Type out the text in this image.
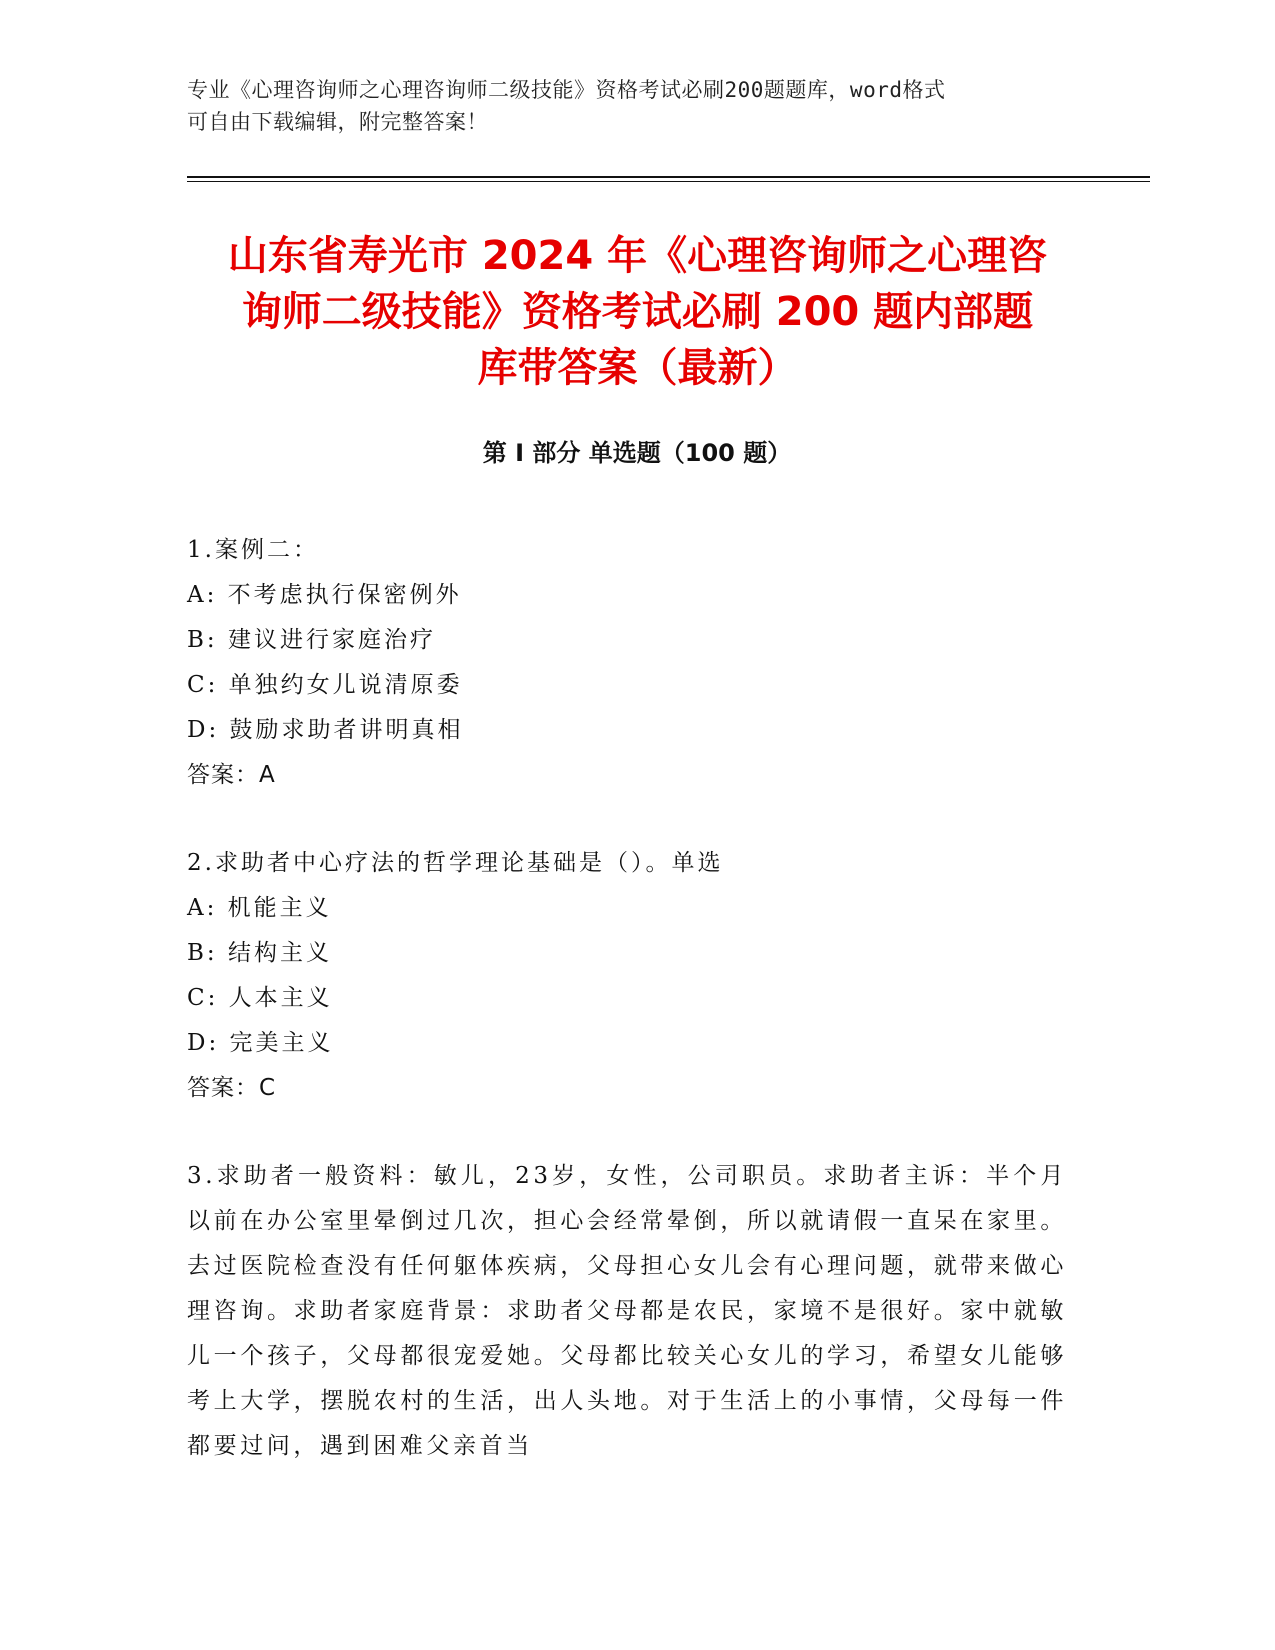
专业《心理咨询师之心理咨询师二级技能》资格考试必刷200题题库，word格式
可自由下载编辑，附完整答案！
山东省寿光市 2024 年《心理咨询师之心理咨
询师二级技能》资格考试必刷 200 题内部题
库带答案（最新）
第 I 部分 单选题（100 题）
1.案例二：
A: 不考虑执行保密例外
B: 建议进行家庭治疗
C: 单独约女儿说清原委
D: 鼓励求助者讲明真相
答案：A
2.求助者中心疗法的哲学理论基础是（）。单选
A: 机能主义
B: 结构主义
C: 人本主义
D: 完美主义
答案：C
3.求助者一般资料：敏儿，23岁，女性，公司职员。求助者主诉：半个月以前在办公室里晕倒过几次，担心会经常晕倒，所以就请假一直呆在家里。去过医院检查没有任何躯体疾病，父母担心女儿会有心理问题，就带来做心理咨询。求助者家庭背景：求助者父母都是农民，家境不是很好。家中就敏儿一个孩子，父母都很宠爱她。父母都比较关心女儿的学习，希望女儿能够考上大学，摆脱农村的生活，出人头地。对于生活上的小事情，父母每一件都要过问，遇到困难父亲首当
